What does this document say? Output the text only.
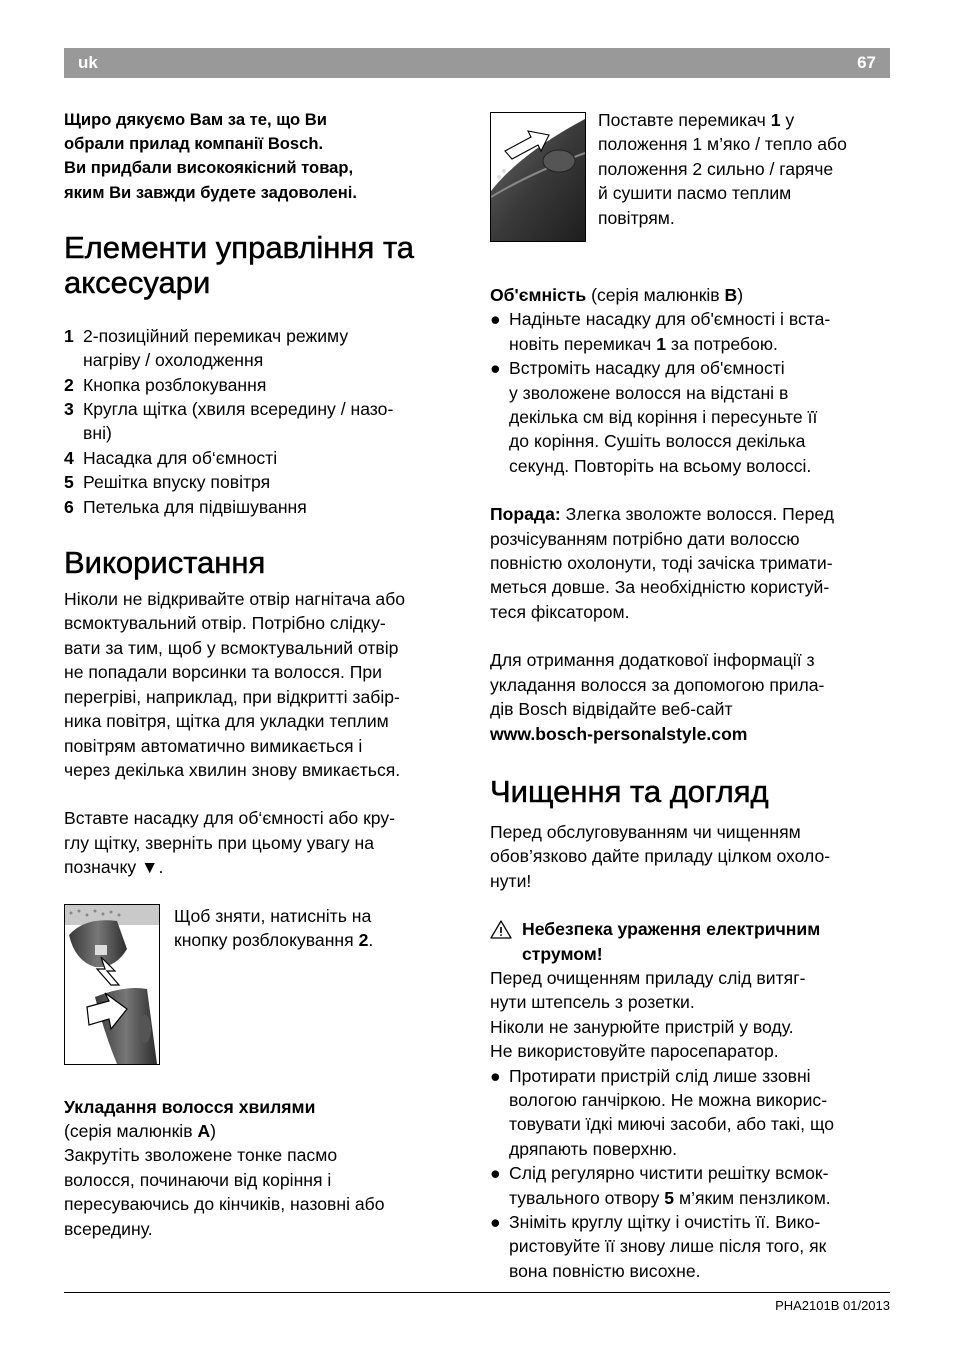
uk	67
Щиро дякуємо Вам за те, що Ви
обрали прилад компанії Bosch.
Ви придбали високоякісний товар,
яким Ви завжди будете задоволені.
Елементи управління та
аксесуари
1 2-позиційний перемикач режиму
нагріву / охолодження
2 Кнопка розблокування
3 Кругла щітка (хвиля всередину / назо-
вні)
4 Насадка для об‘ємності
5 Решітка впуску повітря
6 Петелька для підвішування
Використання
Ніколи не відкривайте отвір нагнітача або
всмоктувальний отвір. Потрібно слідку-
вати за тим, щоб у всмоктувальний отвір
не попадали ворсинки та волосся. При
перегріві, наприклад, при відкритті забір-
ника повітря, щітка для укладки теплим
повітрям автоматично вимикається і
через декілька хвилин знову вмикається.
Вставте насадку для об‘ємності або кру-
глу щітку, зверніть при цьому увагу на
позначку ▼.
Щоб зняти, натисніть на
кнопку розблокування 2.
Укладання волосся хвилями
(серія малюнків A)
Закрутіть зволожене тонке пасмо
волосся, починаючи від коріння і
пересуваючись до кінчиків, назовні або
всередину.
Поставте перемикач 1 у
положення 1 м’яко / тепло або
положення 2 сильно / гаряче
й сушити пасмо теплим
повітрям.
Об'ємність (серія малюнків B)
● Надіньте насадку для об'ємності і вста-
новіть перемикач 1 за потребою.
● Встроміть насадку для об'ємності
у зволожене волосся на відстані в
декілька см від коріння і пересуньте її
до коріння. Сушіть волосся декілька
секунд. Повторіть на всьому волоссі.
Порада: Злегка зволожте волосся. Перед
розчісуванням потрібно дати волоссю
повністю охолонути, тоді зачіска тримати-
меться довше. За необхідністю користуй-
теся фіксатором.
Для отримання додаткової інформації з
укладання волосся за допомогою прила-
дів Bosch відвідайте веб-сайт
www.bosch-personalstyle.com
Чищення та догляд
Перед обслуговуванням чи чищенням
обов’язково дайте приладу цілком охоло-
нути!
Небезпека ураження електричним
струмом!
Перед очищенням приладу слід витяг-
нути штепсель з розетки.
Ніколи не занурюйте пристрій у воду.
Не використовуйте паросепаратор.
● Протирати пристрій слід лише ззовні
вологою ганчіркою. Не можна викорис-
товувати їдкі миючі засоби, або такі, що
дряпають поверхню.
● Слід регулярно чистити решітку всмок-
тувального отвору 5 м’яким пензликом.
● Зніміть круглу щітку і очистіть її. Вико-
ристовуйте її знову лише після того, як
вона повністю висохне.
PHA2101B 01/2013
